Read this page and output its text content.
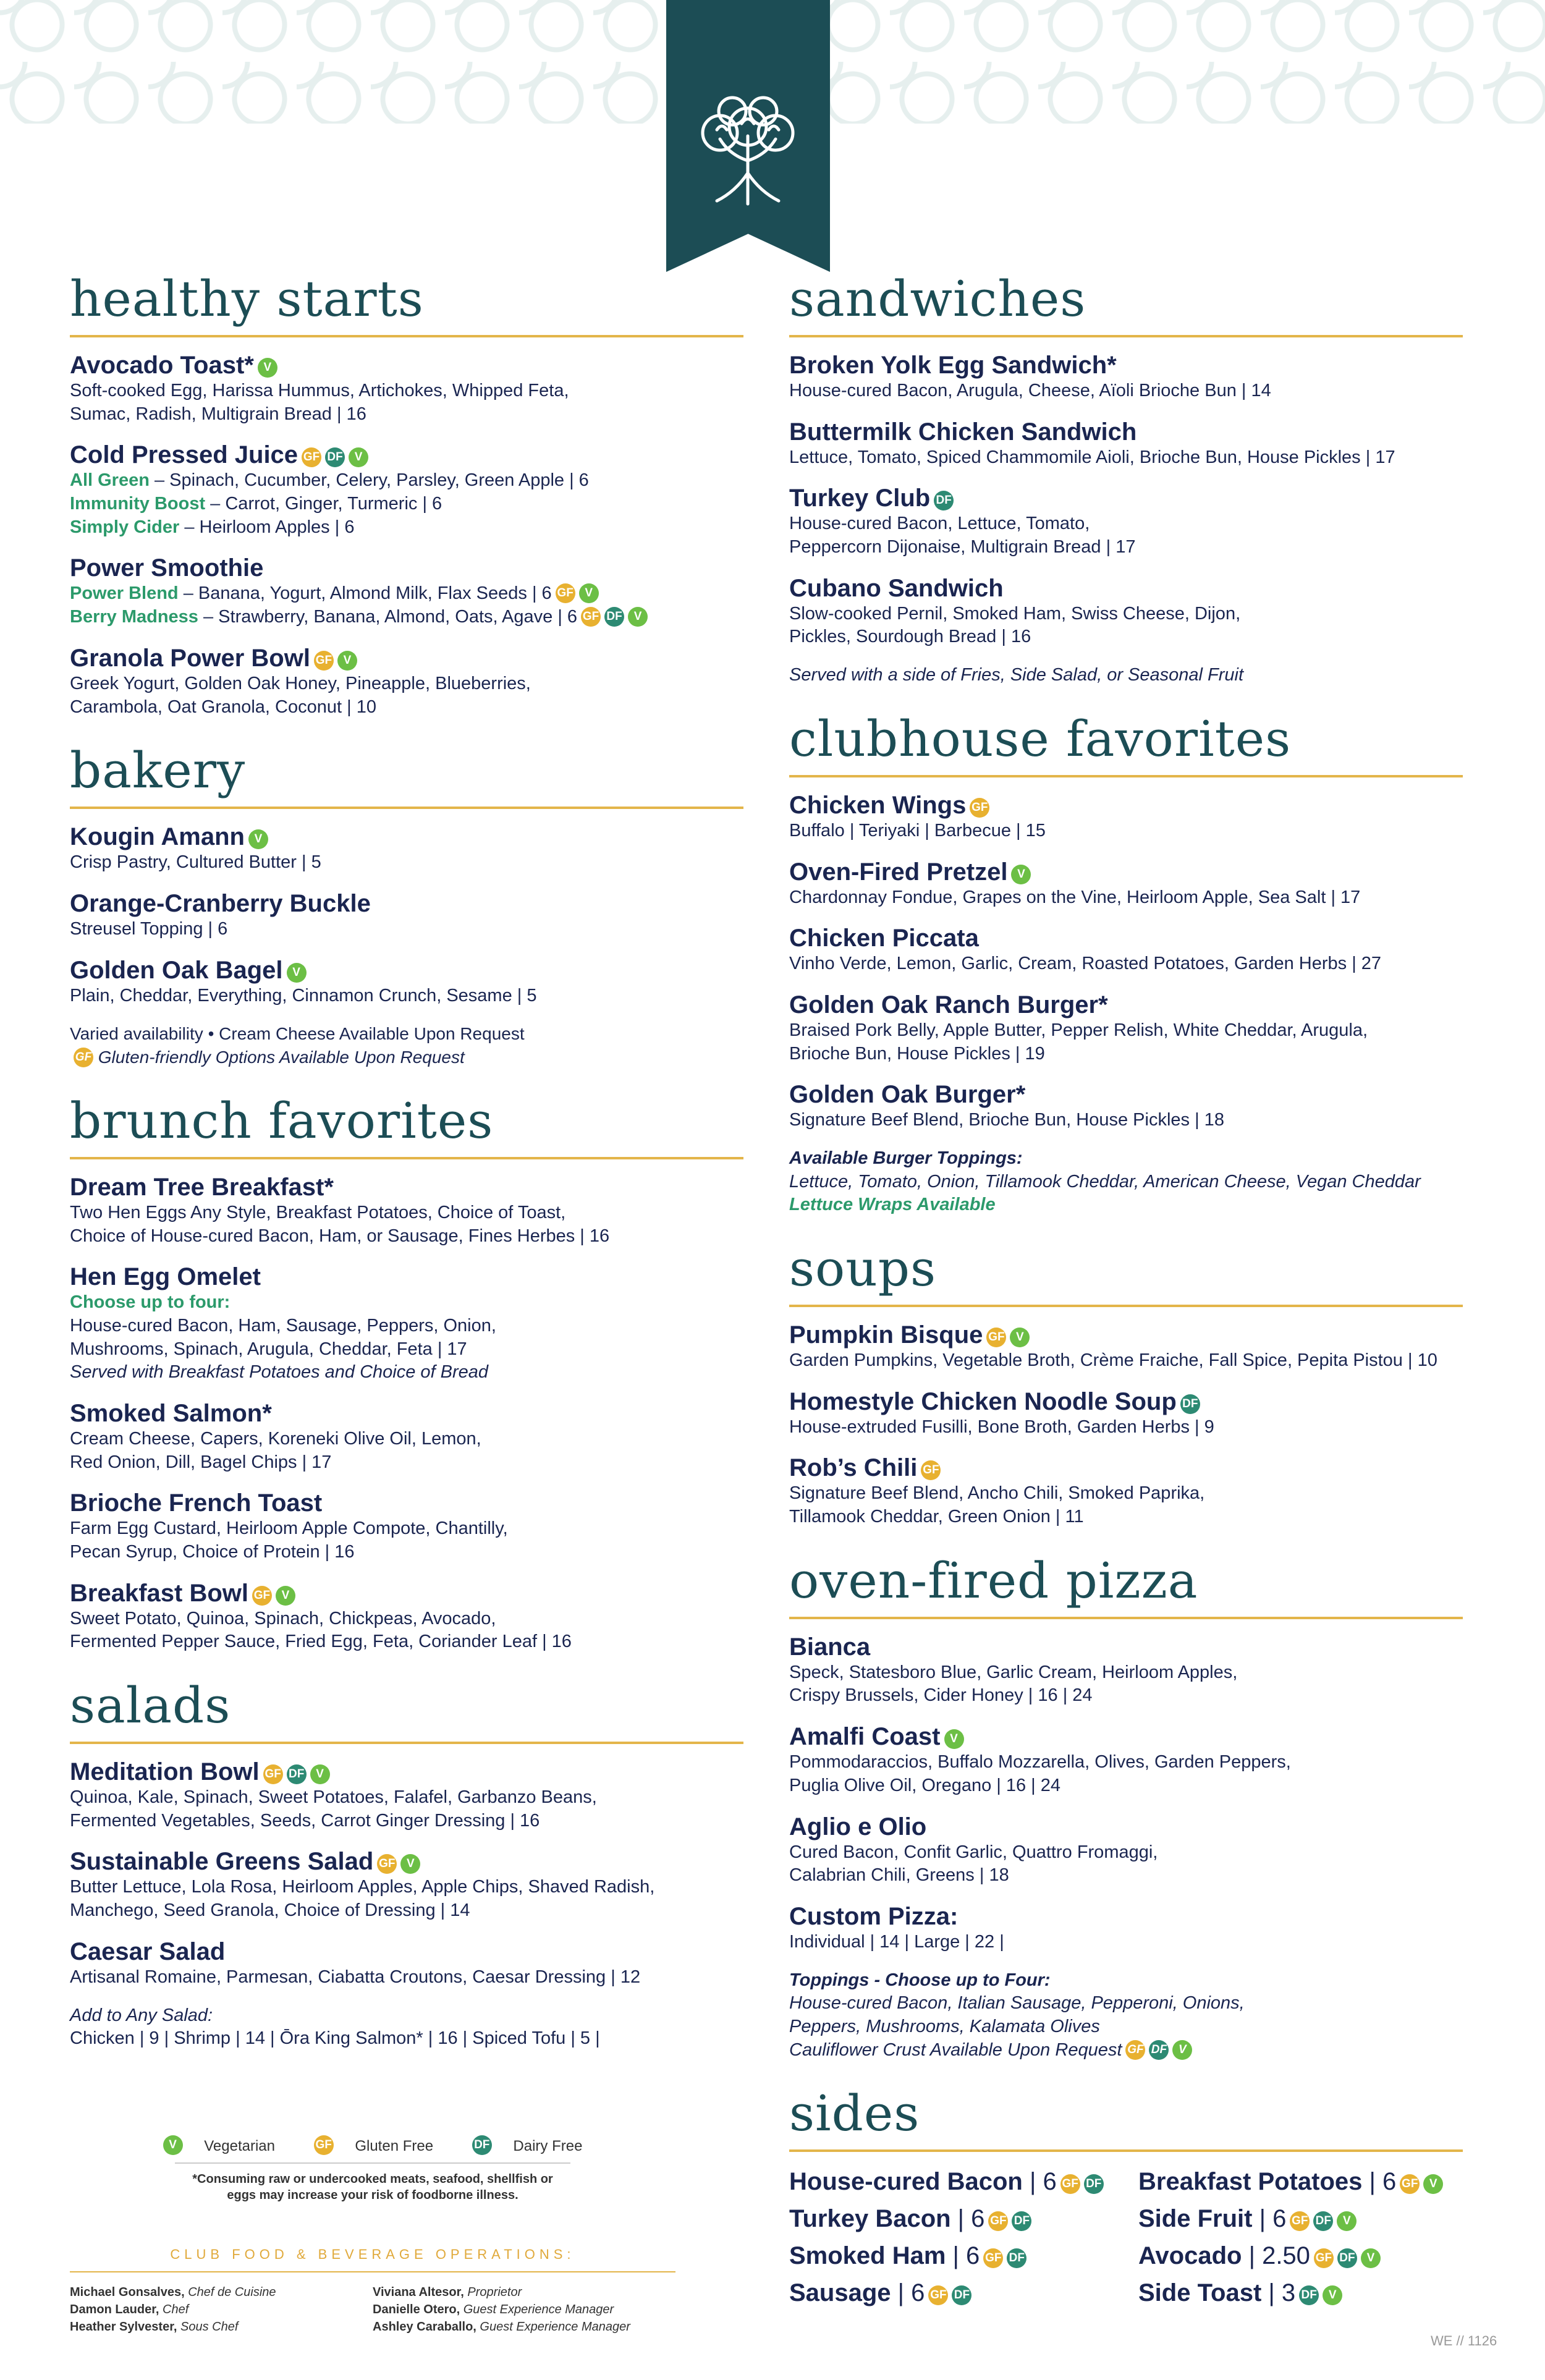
healthy starts
Avocado Toast* V
Soft-cooked Egg, Harissa Hummus, Artichokes, Whipped Feta,
Sumac, Radish, Multigrain Bread | 16
Cold Pressed Juice GF DF V
All Green – Spinach, Cucumber, Celery, Parsley, Green Apple | 6
Immunity Boost – Carrot, Ginger, Turmeric | 6
Simply Cider – Heirloom Apples | 6
Power Smoothie
Power Blend – Banana, Yogurt, Almond Milk, Flax Seeds | 6 GF V
Berry Madness – Strawberry, Banana, Almond, Oats, Agave | 6 GF DF V
Granola Power Bowl GF V
Greek Yogurt, Golden Oak Honey, Pineapple, Blueberries,
Carambola, Oat Granola, Coconut | 10
bakery
Kougin Amann V
Crisp Pastry, Cultured Butter | 5
Orange-Cranberry Buckle
Streusel Topping | 6
Golden Oak Bagel V
Plain, Cheddar, Everything, Cinnamon Crunch, Sesame | 5
Varied availability • Cream Cheese Available Upon Request
GF Gluten-friendly Options Available Upon Request
brunch favorites
Dream Tree Breakfast*
Two Hen Eggs Any Style, Breakfast Potatoes, Choice of Toast,
Choice of House-cured Bacon, Ham, or Sausage, Fines Herbes | 16
Hen Egg Omelet
Choose up to four:
House-cured Bacon, Ham, Sausage, Peppers, Onion,
Mushrooms, Spinach, Arugula, Cheddar, Feta | 17
Served with Breakfast Potatoes and Choice of Bread
Smoked Salmon*
Cream Cheese, Capers, Koreneki Olive Oil, Lemon,
Red Onion, Dill, Bagel Chips | 17
Brioche French Toast
Farm Egg Custard, Heirloom Apple Compote, Chantilly,
Pecan Syrup, Choice of Protein | 16
Breakfast Bowl GF V
Sweet Potato, Quinoa, Spinach, Chickpeas, Avocado,
Fermented Pepper Sauce, Fried Egg, Feta, Coriander Leaf | 16
salads
Meditation Bowl GF DF V
Quinoa, Kale, Spinach, Sweet Potatoes, Falafel, Garbanzo Beans,
Fermented Vegetables, Seeds, Carrot Ginger Dressing | 16
Sustainable Greens Salad GF V
Butter Lettuce, Lola Rosa, Heirloom Apples, Apple Chips, Shaved Radish,
Manchego, Seed Granola, Choice of Dressing | 14
Caesar Salad
Artisanal Romaine, Parmesan, Ciabatta Croutons, Caesar Dressing | 12
Add to Any Salad:
Chicken | 9 | Shrimp | 14 | Ōra King Salmon* | 16 | Spiced Tofu | 5 |
V Vegetarian	GF Gluten Free	DF Dairy Free
*Consuming raw or undercooked meats, seafood, shellfish or
eggs may increase your risk of foodborne illness.
CLUB FOOD & BEVERAGE OPERATIONS:
Michael Gonsalves, Chef de Cuisine
Damon Lauder, Chef
Heather Sylvester, Sous Chef
Viviana Altesor, Proprietor
Danielle Otero, Guest Experience Manager
Ashley Caraballo, Guest Experience Manager
sandwiches
Broken Yolk Egg Sandwich*
House-cured Bacon, Arugula, Cheese, Aïoli Brioche Bun | 14
Buttermilk Chicken Sandwich
Lettuce, Tomato, Spiced Chammomile Aioli, Brioche Bun, House Pickles | 17
Turkey Club DF
House-cured Bacon, Lettuce, Tomato,
Peppercorn Dijonaise, Multigrain Bread | 17
Cubano Sandwich
Slow-cooked Pernil, Smoked Ham, Swiss Cheese, Dijon,
Pickles, Sourdough Bread | 16
Served with a side of Fries, Side Salad, or Seasonal Fruit
clubhouse favorites
Chicken Wings GF
Buffalo | Teriyaki | Barbecue | 15
Oven-Fired Pretzel V
Chardonnay Fondue, Grapes on the Vine, Heirloom Apple, Sea Salt | 17
Chicken Piccata
Vinho Verde, Lemon, Garlic, Cream, Roasted Potatoes, Garden Herbs | 27
Golden Oak Ranch Burger*
Braised Pork Belly, Apple Butter, Pepper Relish, White Cheddar, Arugula,
Brioche Bun, House Pickles | 19
Golden Oak Burger*
Signature Beef Blend, Brioche Bun, House Pickles | 18
Available Burger Toppings:
Lettuce, Tomato, Onion, Tillamook Cheddar, American Cheese, Vegan Cheddar
Lettuce Wraps Available
soups
Pumpkin Bisque GF V
Garden Pumpkins, Vegetable Broth, Crème Fraiche, Fall Spice, Pepita Pistou | 10
Homestyle Chicken Noodle Soup DF
House-extruded Fusilli, Bone Broth, Garden Herbs | 9
Rob’s Chili GF
Signature Beef Blend, Ancho Chili, Smoked Paprika,
Tillamook Cheddar, Green Onion | 11
oven-fired pizza
Bianca
Speck, Statesboro Blue, Garlic Cream, Heirloom Apples,
Crispy Brussels, Cider Honey | 16 | 24
Amalfi Coast V
Pommodaraccios, Buffalo Mozzarella, Olives, Garden Peppers,
Puglia Olive Oil, Oregano | 16 | 24
Aglio e Olio
Cured Bacon, Confit Garlic, Quattro Fromaggi,
Calabrian Chili, Greens | 18
Custom Pizza:
Individual | 14 | Large | 22 |
Toppings - Choose up to Four:
House-cured Bacon, Italian Sausage, Pepperoni, Onions,
Peppers, Mushrooms, Kalamata Olives
Cauliflower Crust Available Upon Request GF DF V
sides
House-cured Bacon | 6 GF DF	Breakfast Potatoes | 6 GF V
Turkey Bacon | 6 GF DF	Side Fruit | 6 GF DF V
Smoked Ham | 6 GF DF	Avocado | 2.50 GF DF V
Sausage | 6 GF DF	Side Toast | 3 DF V
WE // 1126
